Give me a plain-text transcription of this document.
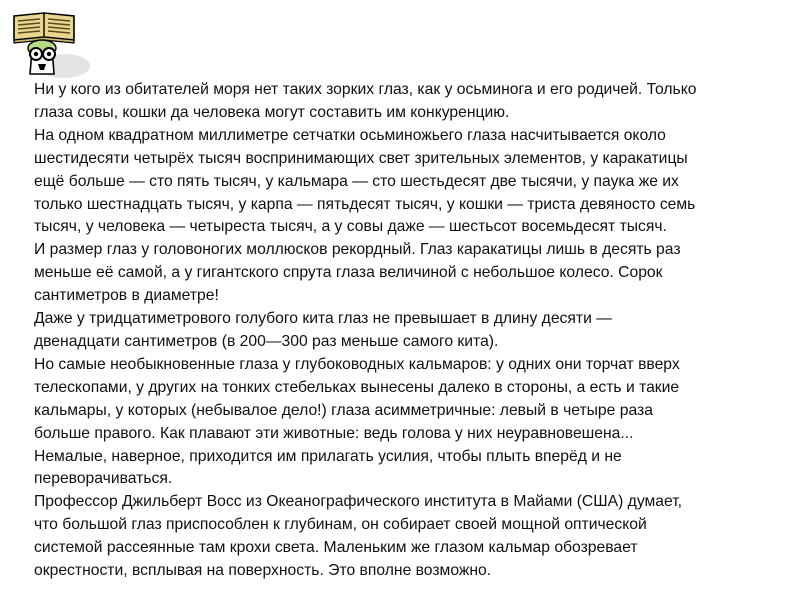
Ни у кого из обитателей моря нет таких зорких глаз, как у осьминога и его родичей. Только
глаза совы, кошки да человека могут составить им конкуренцию.

На одном квадратном миллиметре сетчатки осьминожьего глаза насчитывается около
шестидесяти четырёх тысяч воспринимающих свет зрительных элементов, у каракатицы
ещё больше — сто пять тысяч, у кальмара — сто шестьдесят две тысячи, у паука же их
только шестнадцать тысяч, у карпа — пятьдесят тысяч, у кошки — триста девяносто семь
тысяч, у человека — четыреста тысяч, а у совы даже — шестьсот восемьдесят тысяч.

И размер глаз у головоногих моллюсков рекордный. Глаз каракатицы лишь в десять раз
меньше её самой, а у гигантского спрута глаза величиной с небольшое колесо. Сорок
сантиметров в диаметре!

Даже у тридцатиметрового голубого кита глаз не превышает в длину десяти —
двенадцати сантиметров (в 200—300 раз меньше самого кита).

Но самые необыкновенные глаза у глубоководных кальмаров: у одних они торчат вверх
телескопами, у других на тонких стебельках вынесены далеко в стороны, а есть и такие
кальмары, у которых (небывалое дело!) глаза асимметричные: левый в четыре раза
больше правого. Как плавают эти животные: ведь голова у них неуравновешена...
Немалые, наверное, приходится им прилагать усилия, чтобы плыть вперёд и не
переворачиваться.

Профессор Джильберт Восс из Океанографического института в Майами (США) думает,
что большой глаз приспособлен к глубинам, он собирает своей мощной оптической
системой рассеянные там крохи света. Маленьким же глазом кальмар обозревает
окрестности, всплывая на поверхность. Это вполне возможно.
